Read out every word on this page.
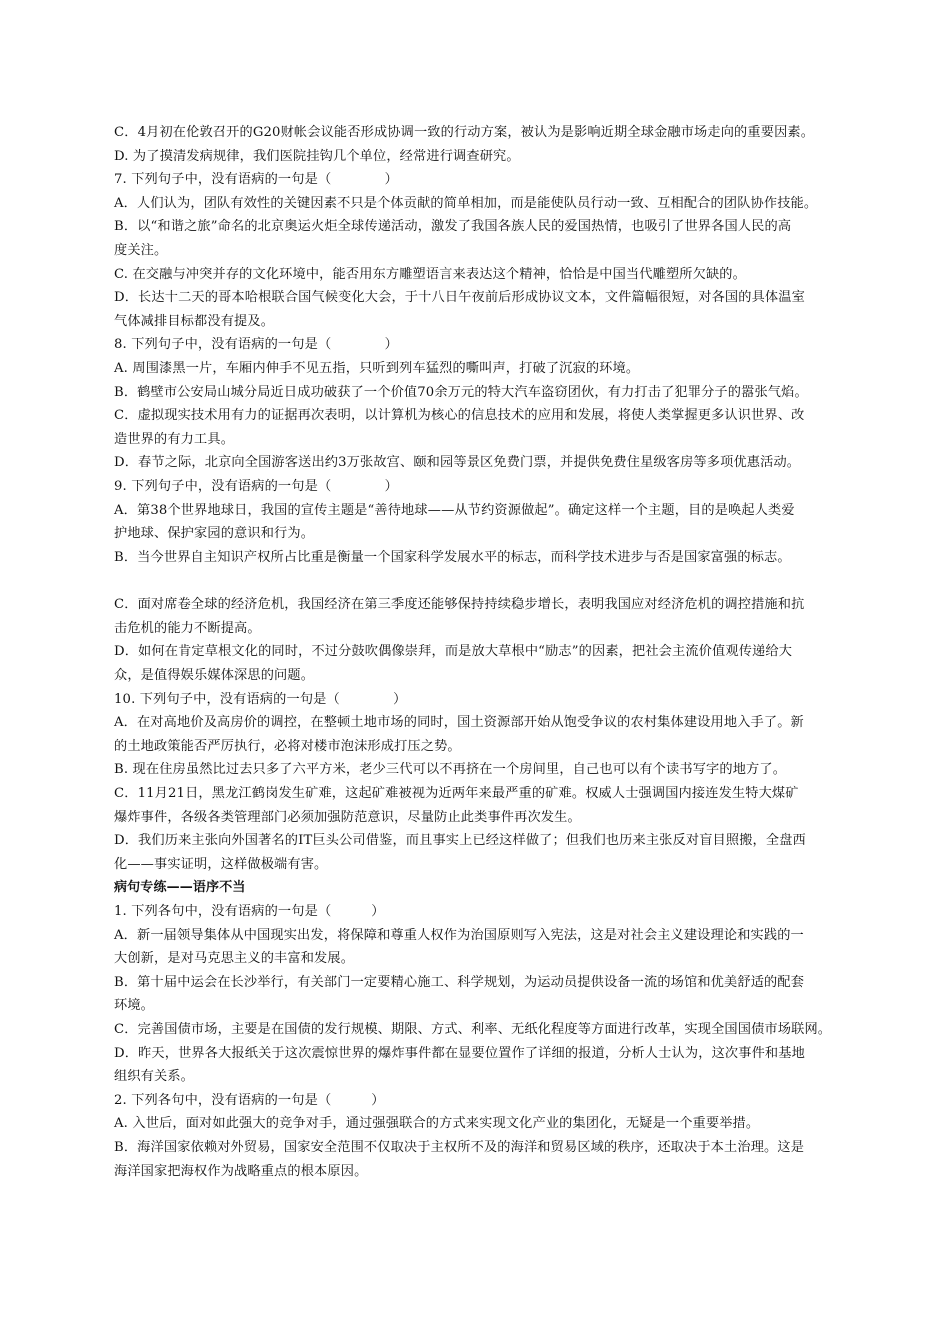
C．4月初在伦敦召开的G20财帐会议能否形成协调一致的行动方案，被认为是影响近期全球金融市场走向的重要因素。
D. 为了摸清发病规律，我们医院挂钩几个单位，经常进行调查研究。
7. 下列句子中，没有语病的一句是（　　　　）
A．人们认为，团队有效性的关键因素不只是个体贡献的简单相加，而是能使队员行动一致、互相配合的团队协作技能。
B．以“和谐之旅”命名的北京奥运火炬全球传递活动，激发了我国各族人民的爱国热情，也吸引了世界各国人民的高
度关注。
C. 在交融与冲突并存的文化环境中，能否用东方雕塑语言来表达这个精神，恰恰是中国当代雕塑所欠缺的。
D．长达十二天的哥本哈根联合国气候变化大会，于十八日午夜前后形成协议文本，文件篇幅很短，对各国的具体温室
气体减排目标都没有提及。
8. 下列句子中，没有语病的一句是（　　　　）
A. 周围漆黑一片，车厢内伸手不见五指，只听到列车猛烈的嘶叫声，打破了沉寂的环境。
B．鹤壁市公安局山城分局近日成功破获了一个价值70余万元的特大汽车盗窃团伙，有力打击了犯罪分子的嚣张气焰。
C．虚拟现实技术用有力的证据再次表明，以计算机为核心的信息技术的应用和发展，将使人类掌握更多认识世界、改
造世界的有力工具。
D．春节之际，北京向全国游客送出约3万张故宫、颐和园等景区免费门票，并提供免费住星级客房等多项优惠活动。
9. 下列句子中，没有语病的一句是（　　　　）
A．第38个世界地球日，我国的宣传主题是“善待地球——从节约资源做起”。确定这样一个主题，目的是唤起人类爱
护地球、保护家园的意识和行为。
B．当今世界自主知识产权所占比重是衡量一个国家科学发展水平的标志，而科学技术进步与否是国家富强的标志。
C．面对席卷全球的经济危机，我国经济在第三季度还能够保持持续稳步增长，表明我国应对经济危机的调控措施和抗
击危机的能力不断提高。
D．如何在肯定草根文化的同时，不过分鼓吹偶像崇拜，而是放大草根中“励志”的因素，把社会主流价值观传递给大
众，是值得娱乐媒体深思的问题。
10. 下列句子中，没有语病的一句是（　　　　）
A．在对高地价及高房价的调控，在整顿土地市场的同时，国土资源部开始从饱受争议的农村集体建设用地入手了。新
的土地政策能否严厉执行，必将对楼市泡沫形成打压之势。
B. 现在住房虽然比过去只多了六平方米，老少三代可以不再挤在一个房间里，自己也可以有个读书写字的地方了。
C．11月21日，黑龙江鹤岗发生矿难，这起矿难被视为近两年来最严重的矿难。权威人士强调国内接连发生特大煤矿
爆炸事件，各级各类管理部门必须加强防范意识，尽量防止此类事件再次发生。
D．我们历来主张向外国著名的IT巨头公司借鉴，而且事实上已经这样做了；但我们也历来主张反对盲目照搬，全盘西
化——事实证明，这样做极端有害。
病句专练——语序不当
1. 下列各句中，没有语病的一句是（　　　）
A．新一届领导集体从中国现实出发，将保障和尊重人权作为治国原则写入宪法，这是对社会主义建设理论和实践的一
大创新，是对马克思主义的丰富和发展。
B．第十届中运会在长沙举行，有关部门一定要精心施工、科学规划，为运动员提供设备一流的场馆和优美舒适的配套
环境。
C．完善国债市场，主要是在国债的发行规模、期限、方式、利率、无纸化程度等方面进行改革，实现全国国债市场联网。
D．昨天，世界各大报纸关于这次震惊世界的爆炸事件都在显要位置作了详细的报道，分析人士认为，这次事件和基地
组织有关系。
2. 下列各句中，没有语病的一句是（　　　）
A. 入世后，面对如此强大的竞争对手，通过强强联合的方式来实现文化产业的集团化，无疑是一个重要举措。
B．海洋国家依赖对外贸易，国家安全范围不仅取决于主权所不及的海洋和贸易区域的秩序，还取决于本土治理。这是
海洋国家把海权作为战略重点的根本原因。
